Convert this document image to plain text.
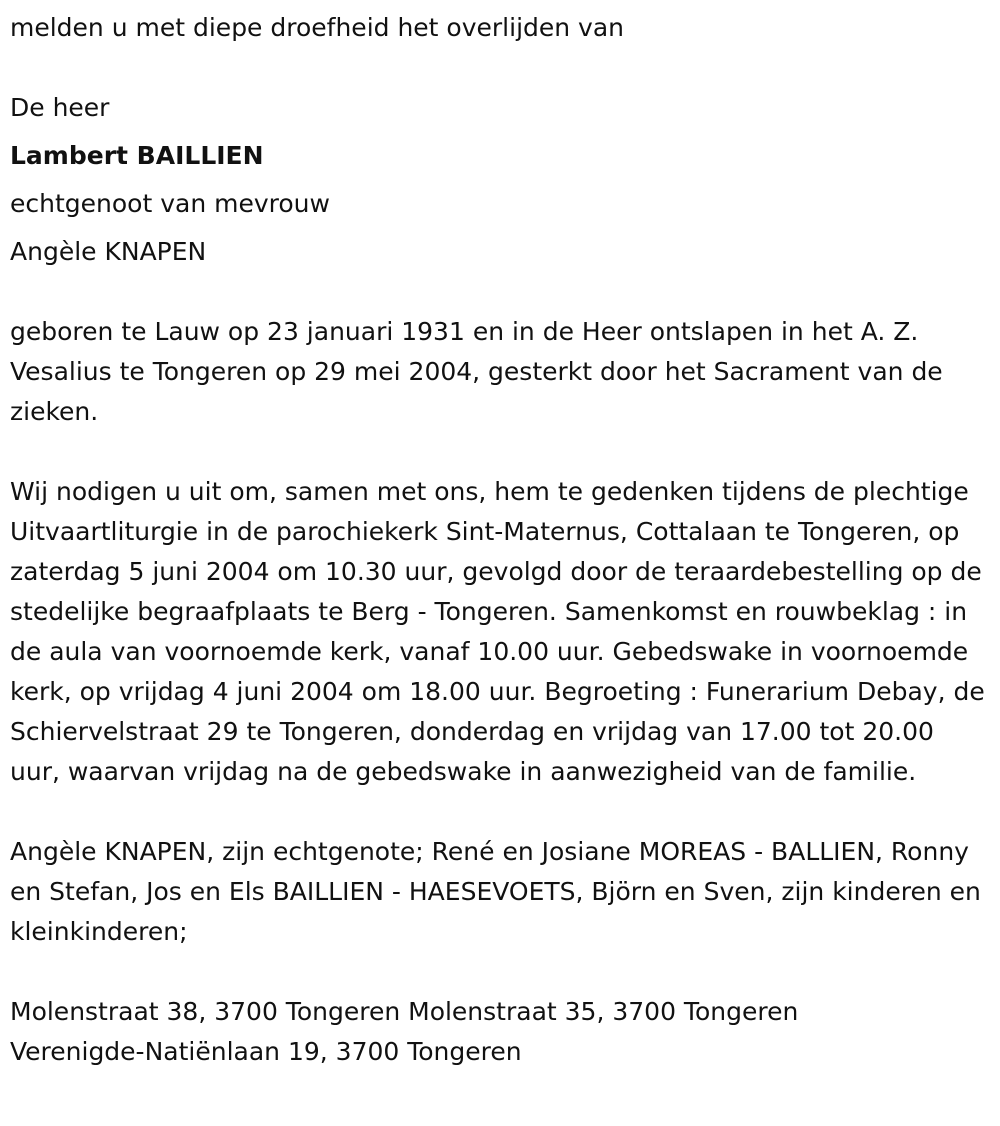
melden u met diepe droefheid het overlijden van

De heer

Lambert BAILLIEN

echtgenoot van mevrouw

Angèle KNAPEN

geboren te Lauw op 23 januari 1931 en in de Heer ontslapen in het A. Z. Vesalius te Tongeren op 29 mei 2004, gesterkt door het Sacrament van de zieken.

Wij nodigen u uit om, samen met ons, hem te gedenken tijdens de plechtige Uitvaartliturgie in de parochiekerk Sint-Maternus, Cottalaan te Tongeren, op zaterdag 5 juni 2004 om 10.30 uur, gevolgd door de teraardebestelling op de stedelijke begraafplaats te Berg - Tongeren. Samenkomst en rouwbeklag : in de aula van voornoemde kerk, vanaf 10.00 uur. Gebedswake in voornoemde kerk, op vrijdag 4 juni 2004 om 18.00 uur. Begroeting : Funerarium Debay, de Schiervelstraat 29 te Tongeren, donderdag en vrijdag van 17.00 tot 20.00 uur, waarvan vrijdag na de gebedswake in aanwezigheid van de familie.

Angèle KNAPEN, zijn echtgenote; René en Josiane MOREAS - BALLIEN, Ronny en Stefan, Jos en Els BAILLIEN - HAESEVOETS, Björn en Sven, zijn kinderen en kleinkinderen;

Molenstraat 38, 3700 Tongeren Molenstraat 35, 3700 Tongeren

Verenigde-Natiënlaan 19, 3700 Tongeren
